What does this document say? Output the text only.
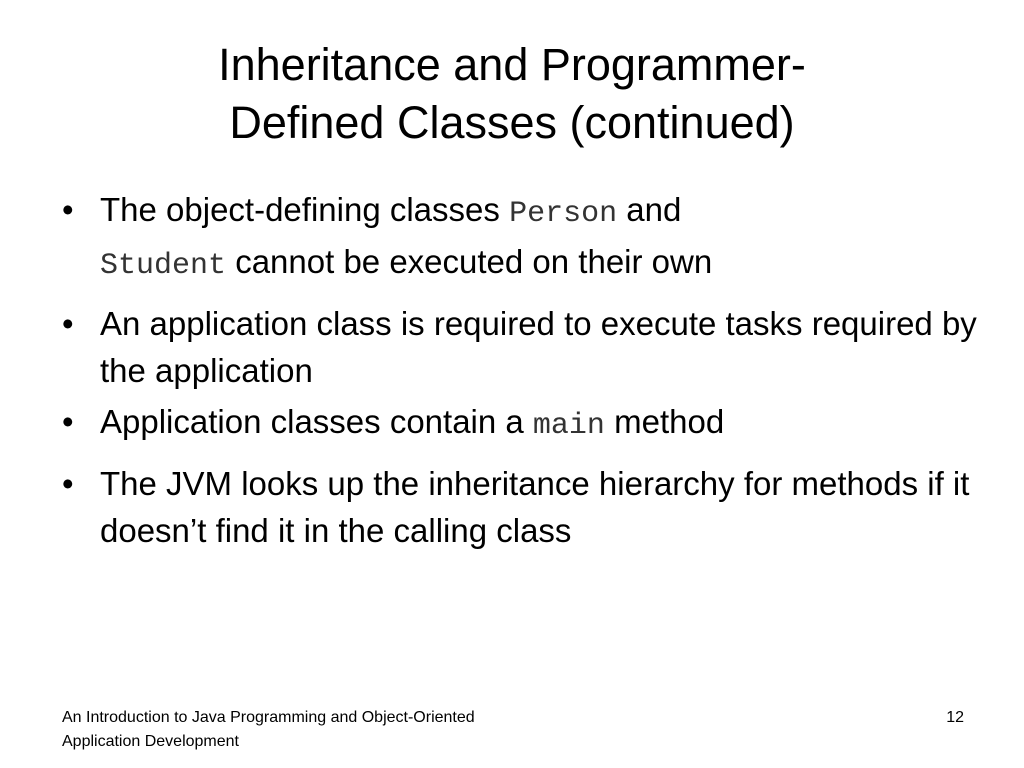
Inheritance and Programmer-
Defined Classes (continued)
• The object-defining classes Person and
Student cannot be executed on their own
• An application class is required to execute tasks required by the application
• Application classes contain a main method
• The JVM looks up the inheritance hierarchy for methods if it doesn’t find it in the calling class
An Introduction to Java Programming and Object-Oriented
Application Development
12
